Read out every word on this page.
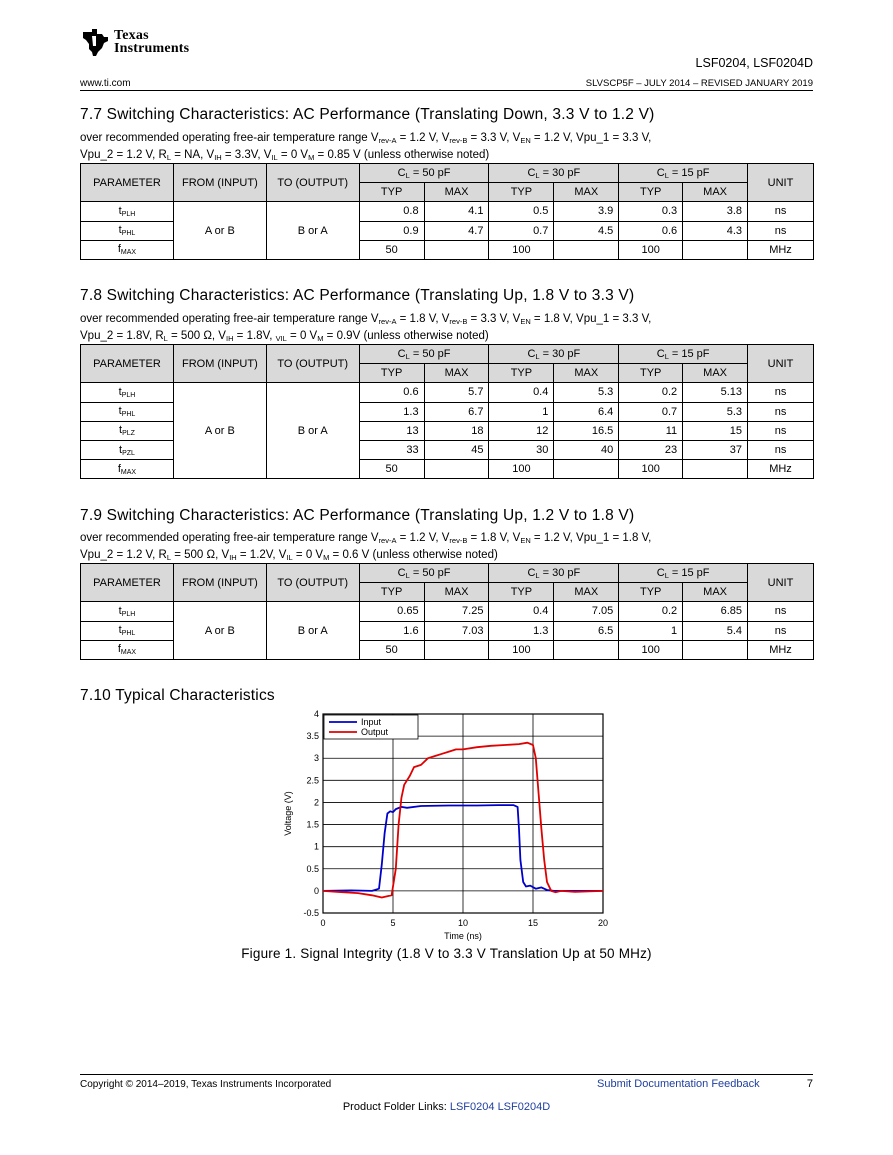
Texas
Instruments
LSF0204, LSF0204D
www.ti.com	SLVSCP5F – JULY 2014 – REVISED JANUARY 2019
7.7 Switching Characteristics: AC Performance (Translating Down, 3.3 V to 1.2 V)
over recommended operating free-air temperature range $V_{rev-A} = 1.2$ V, $V_{rev-B} = 3.3$ V, $V_{EN} = 1.2$ V, Vpu_1 = 3.3 V,
Vpu_2 = 1.2 V, $R_L$ = NA, $V_{IH} = 3.3V$, $V_{IL} = 0$ $V_M = 0.85$ V (unless otherwise noted)
PARAMETER	FROM (INPUT)	TO (OUTPUT)	$C_L = 50$ pF		$C_L = 30$ pF		$C_L = 15$ pF		UNIT
			TYP	MAX	TYP	MAX	TYP	MAX	
$t_{PLH}$	A or B	B or A	0.8	4.1	0.5	3.9	0.3	3.8	ns
$t_{PHL}$			0.9	4.7	0.7	4.5	0.6	4.3	ns
$f_{MAX}$			50		100		100		MHz
7.8 Switching Characteristics: AC Performance (Translating Up, 1.8 V to 3.3 V)
over recommended operating free-air temperature range $V_{rev-A} = 1.8$ V, $V_{rev-B} = 3.3$ V, $V_{EN} = 1.8$ V, Vpu_1 = 3.3 V,
Vpu_2 = 1.8V, $R_L = 500$ Ω, $V_{IH} = 1.8V$, $_{VIL}$ = 0 $V_M = 0.9V$ (unless otherwise noted)
PARAMETER	FROM (INPUT)	TO (OUTPUT)	$C_L = 50$ pF		$C_L = 30$ pF		$C_L = 15$ pF		UNIT
			TYP	MAX	TYP	MAX	TYP	MAX	
$t_{PLH}$	A or B	B or A	0.6	5.7	0.4	5.3	0.2	5.13	ns
$t_{PHL}$			1.3	6.7	1	6.4	0.7	5.3	ns
$t_{PLZ}$			13	18	12	16.5	11	15	ns
$t_{PZL}$			33	45	30	40	23	37	ns
$f_{MAX}$			50		100		100		MHz
7.9 Switching Characteristics: AC Performance (Translating Up, 1.2 V to 1.8 V)
over recommended operating free-air temperature range $V_{rev-A} = 1.2$ V, $V_{rev-B} = 1.8$ V, $V_{EN} = 1.2$ V, Vpu_1 = 1.8 V,
Vpu_2 = 1.2 V, $R_L = 500$ Ω, $V_{IH} = 1.2V$, $V_{IL} = 0$ $V_M = 0.6$ V (unless otherwise noted)
PARAMETER	FROM (INPUT)	TO (OUTPUT)	$C_L = 50$ pF		$C_L = 30$ pF		$C_L = 15$ pF		UNIT
			TYP	MAX	TYP	MAX	TYP	MAX	
$t_{PLH}$	A or B	B or A	0.65	7.25	0.4	7.05	0.2	6.85	ns
$t_{PHL}$			1.6	7.03	1.3	6.5	1	5.4	ns
$f_{MAX}$			50		100		100		MHz
7.10 Typical Characteristics
0	5	10	15	20
-0.5
0
0.5
1
1.5
2
2.5
3
3.5
4
Time (ns)
Voltage (V)
Input
Output
Figure 1. Signal Integrity (1.8 V to 3.3 V Translation Up at 50 MHz)
Copyright © 2014–2019, Texas Instruments Incorporated	Submit Documentation Feedback	7
Product Folder Links: LSF0204 LSF0204D
